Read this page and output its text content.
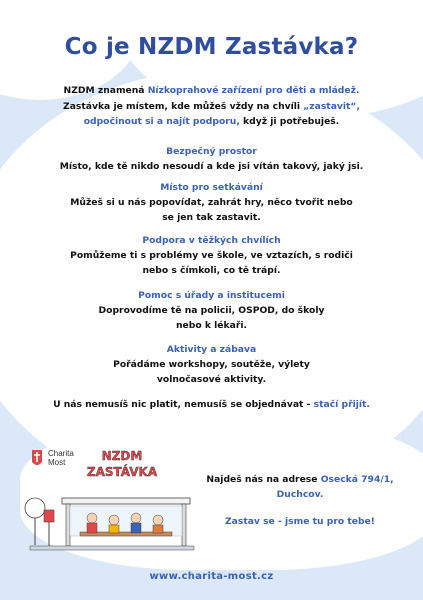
Co je NZDM Zastávka?
NZDM znamená Nízkoprahové zařízení pro děti a mládež.
Zastávka je místem, kde můžeš vždy na chvíli „zastavit“,
odpočinout si a najít podporu, když ji potřebuješ.
Bezpečný prostor
Místo, kde tě nikdo nesoudí a kde jsi vítán takový, jaký jsi.
Místo pro setkávání
Můžeš si u nás popovídat, zahrát hry, něco tvořit nebo
se jen tak zastavit.
Podpora v těžkých chvílích
Pomůžeme ti s problémy ve škole, ve vztazích, s rodiči
nebo s čímkoli, co tě trápí.
Pomoc s úřady a institucemi
Doprovodíme tě na policii, OSPOD, do školy
nebo k lékaři.
Aktivity a zábava
Pořádáme workshopy, soutěže, výlety
volnočasové aktivity.
U nás nemusíš nic platit, nemusíš se objednávat - stačí přijít.
NZDM
ZASTÁVKA
Charita
Most
Najdeš nás na adrese Osecká 794/1,
Duchcov.
Zastav se - jsme tu pro tebe!
www.charita-most.cz
